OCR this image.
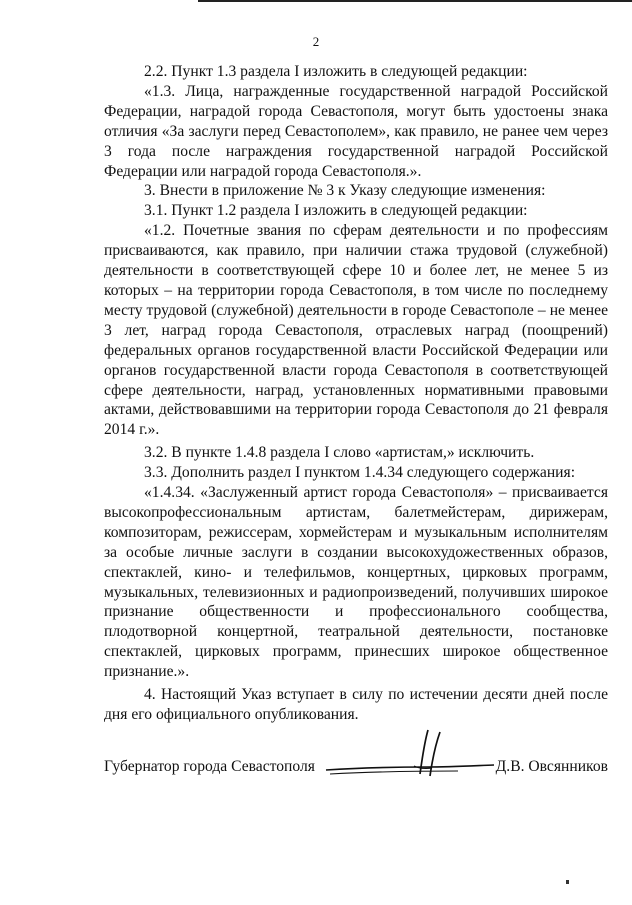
2

2.2. Пункт 1.3 раздела I изложить в следующей редакции:

«1.3. Лица, награжденные государственной наградой Российской Федерации, наградой города Севастополя, могут быть удостоены знака отличия «За заслуги перед Севастополем», как правило, не ранее чем через 3 года после награждения государственной наградой Российской Федерации или наградой города Севастополя.».

3. Внести в приложение № 3 к Указу следующие изменения:

3.1. Пункт 1.2 раздела I изложить в следующей редакции:

«1.2. Почетные звания по сферам деятельности и по профессиям присваиваются, как правило, при наличии стажа трудовой (служебной) деятельности в соответствующей сфере 10 и более лет, не менее 5 из которых – на территории города Севастополя, в том числе по последнему месту трудовой (служебной) деятельности в городе Севастополе – не менее 3 лет, наград города Севастополя, отраслевых наград (поощрений) федеральных органов государственной власти Российской Федерации или органов государственной власти города Севастополя в соответствующей сфере деятельности, наград, установленных нормативными правовыми актами, действовавшими на территории города Севастополя до 21 февраля 2014 г.».

3.2. В пункте 1.4.8 раздела I слово «артистам,» исключить.

3.3. Дополнить раздел I пунктом 1.4.34 следующего содержания:

«1.4.34. «Заслуженный артист города Севастополя» – присваивается высокопрофессиональным артистам, балетмейстерам, дирижерам, композиторам, режиссерам, хормейстерам и музыкальным исполнителям за особые личные заслуги в создании высокохудожественных образов, спектаклей, кино- и телефильмов, концертных, цирковых программ, музыкальных, телевизионных и радиопроизведений, получивших широкое признание общественности и профессионального сообщества, плодотворной концертной, театральной деятельности, постановке спектаклей, цирковых программ, принесших широкое общественное признание.».

4. Настоящий Указ вступает в силу по истечении десяти дней после дня его официального опубликования.

Губернатор города Севастополя	Д.В. Овсянников
